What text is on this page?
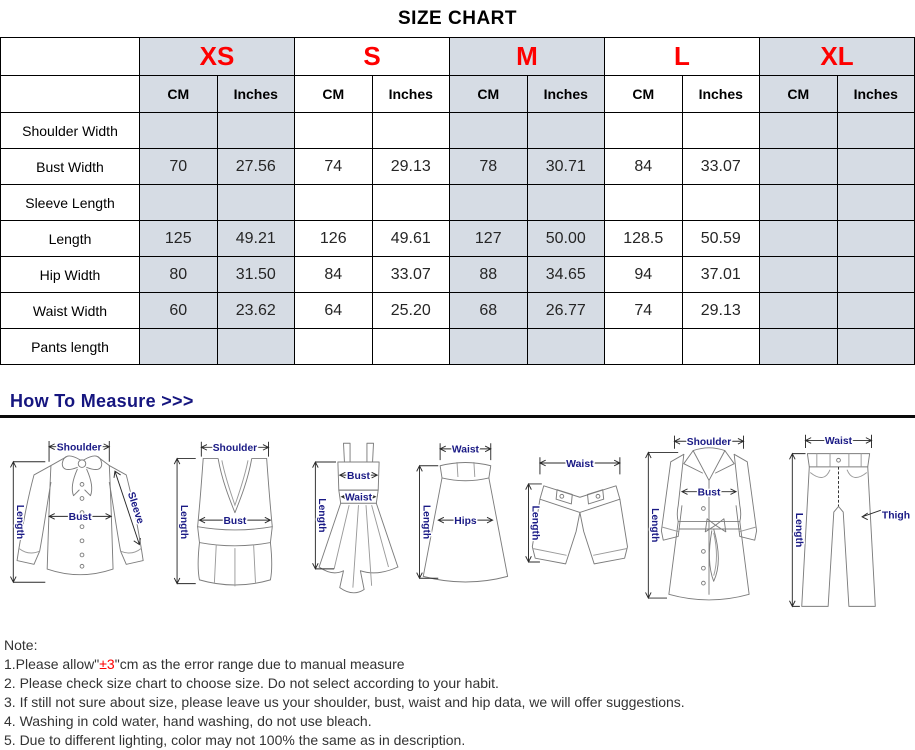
SIZE CHART
	XS		S		M		L		XL	
	CM	Inches	CM	Inches	CM	Inches	CM	Inches	CM	Inches
Shoulder Width										
Bust Width	70	27.56	74	29.13	78	30.71	84	33.07		
Sleeve Length										
Length	125	49.21	126	49.61	127	50.00	128.5	50.59		
Hip Width	80	31.50	84	33.07	88	34.65	94	37.01		
Waist Width	60	23.62	64	25.20	68	26.77	74	29.13		
Pants length										
How To Measure >>>
Shoulder
Length	Bust	Sleeve
Shoulder
Length	Bust	Length
Bust
Waist
Waist
Hips
Length
Waist
Length
Shoulder
Length
Bust
Waist
Thigh
Length
Note:
1.Please allow"±3"cm as the error range due to manual measure
2. Please check size chart to choose size. Do not select according to your habit.
3. If still not sure about size, please leave us your shoulder, bust, waist and hip data, we will offer suggestions.
4. Washing in cold water, hand washing, do not use bleach.
5. Due to different lighting, color may not 100% the same as in description.
